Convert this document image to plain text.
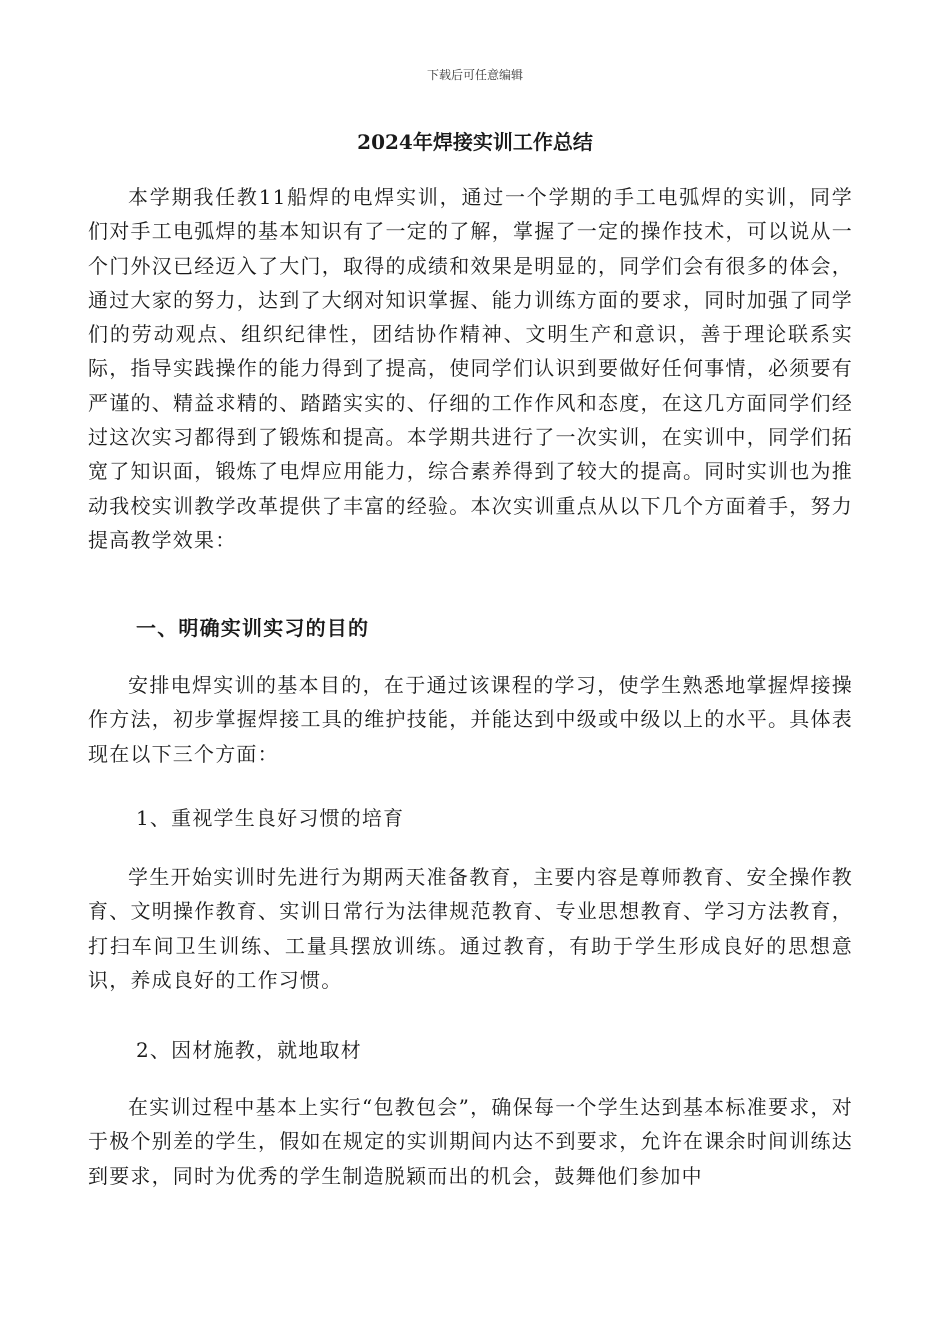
下载后可任意编辑
2024年焊接实训工作总结

本学期我任教11船焊的电焊实训，通过一个学期的手工电弧焊的实训，同学们对手工电弧焊的基本知识有了一定的了解，掌握了一定的操作技术，可以说从一个门外汉已经迈入了大门，取得的成绩和效果是明显的，同学们会有很多的体会，通过大家的努力，达到了大纲对知识掌握、能力训练方面的要求，同时加强了同学们的劳动观点、组织纪律性，团结协作精神、文明生产和意识，善于理论联系实际，指导实践操作的能力得到了提高，使同学们认识到要做好任何事情，必须要有严谨的、精益求精的、踏踏实实的、仔细的工作作风和态度，在这几方面同学们经过这次实习都得到了锻炼和提高。本学期共进行了一次实训，在实训中，同学们拓宽了知识面，锻炼了电焊应用能力，综合素养得到了较大的提高。同时实训也为推动我校实训教学改革提供了丰富的经验。本次实训重点从以下几个方面着手，努力提高教学效果：

一、明确实训实习的目的

安排电焊实训的基本目的，在于通过该课程的学习，使学生熟悉地掌握焊接操作方法，初步掌握焊接工具的维护技能，并能达到中级或中级以上的水平。具体表现在以下三个方面：

1、重视学生良好习惯的培育

学生开始实训时先进行为期两天准备教育，主要内容是尊师教育、安全操作教育、文明操作教育、实训日常行为法律规范教育、专业思想教育、学习方法教育，打扫车间卫生训练、工量具摆放训练。通过教育，有助于学生形成良好的思想意识，养成良好的工作习惯。

2、因材施教，就地取材

在实训过程中基本上实行“包教包会”，确保每一个学生达到基本标准要求，对于极个别差的学生，假如在规定的实训期间内达不到要求，允许在课余时间训练达到要求，同时为优秀的学生制造脱颖而出的机会，鼓舞他们参加中
